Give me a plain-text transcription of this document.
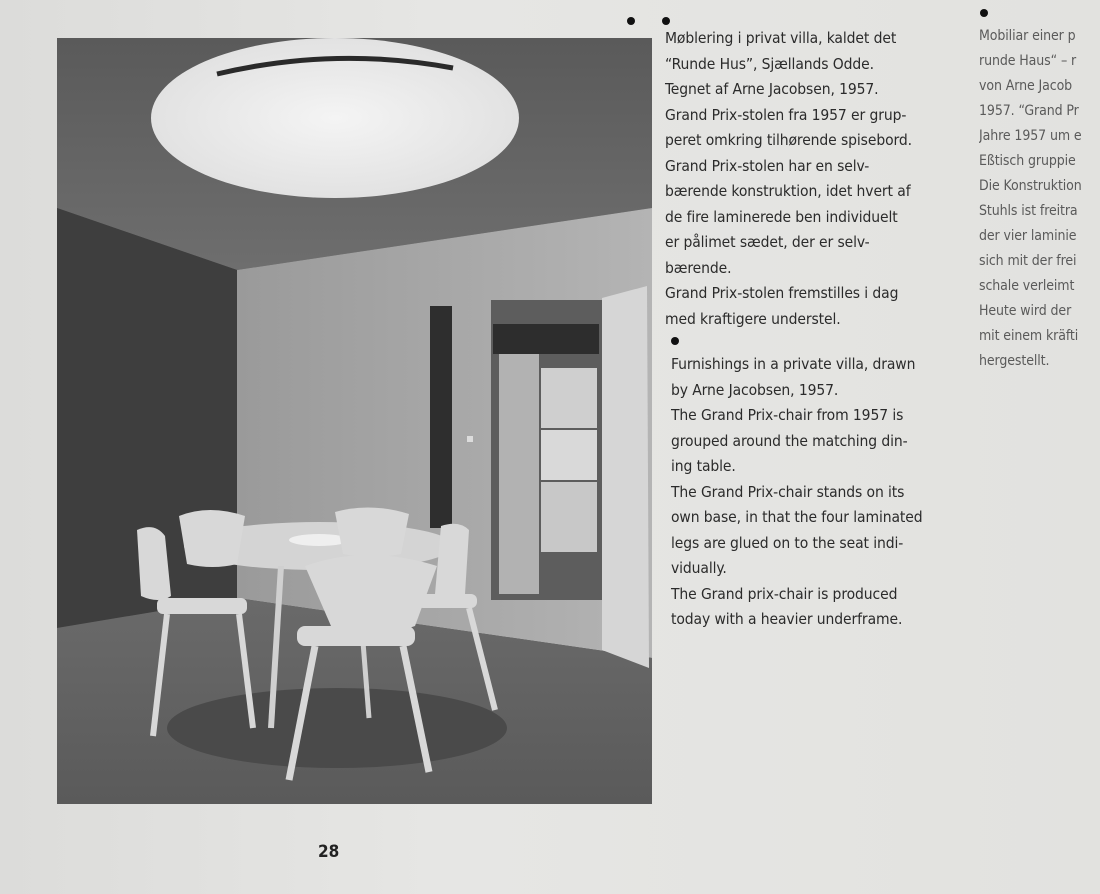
Møblering i privat villa, kaldet det

“Runde Hus”, Sjællands Odde.

Tegnet af Arne Jacobsen, 1957.

Grand Prix-stolen fra 1957 er grup-

peret omkring tilhørende spisebord.

Grand Prix-stolen har en selv-

bærende konstruktion, idet hvert af

de fire laminerede ben individuelt

er pålimet sædet, der er selv-

bærende.

Grand Prix-stolen fremstilles i dag

med kraftigere understel.

Furnishings in a private villa, drawn

by Arne Jacobsen, 1957.

The Grand Prix-chair from 1957 is

grouped around the matching din-

ing table.

The Grand Prix-chair stands on its

own base, in that the four laminated

legs are glued on to the seat indi-

vidually.

The Grand prix-chair is produced

today with a heavier underframe.

Mobiliar einer p

runde Haus“ – r

von Arne Jacob

1957. “Grand Pr

Jahre 1957 um e

Eßtisch gruppie

Die Konstruktion

Stuhls ist freitra

der vier laminie

sich mit der frei

schale verleimt

Heute wird der

mit einem kräfti

hergestellt.

28
